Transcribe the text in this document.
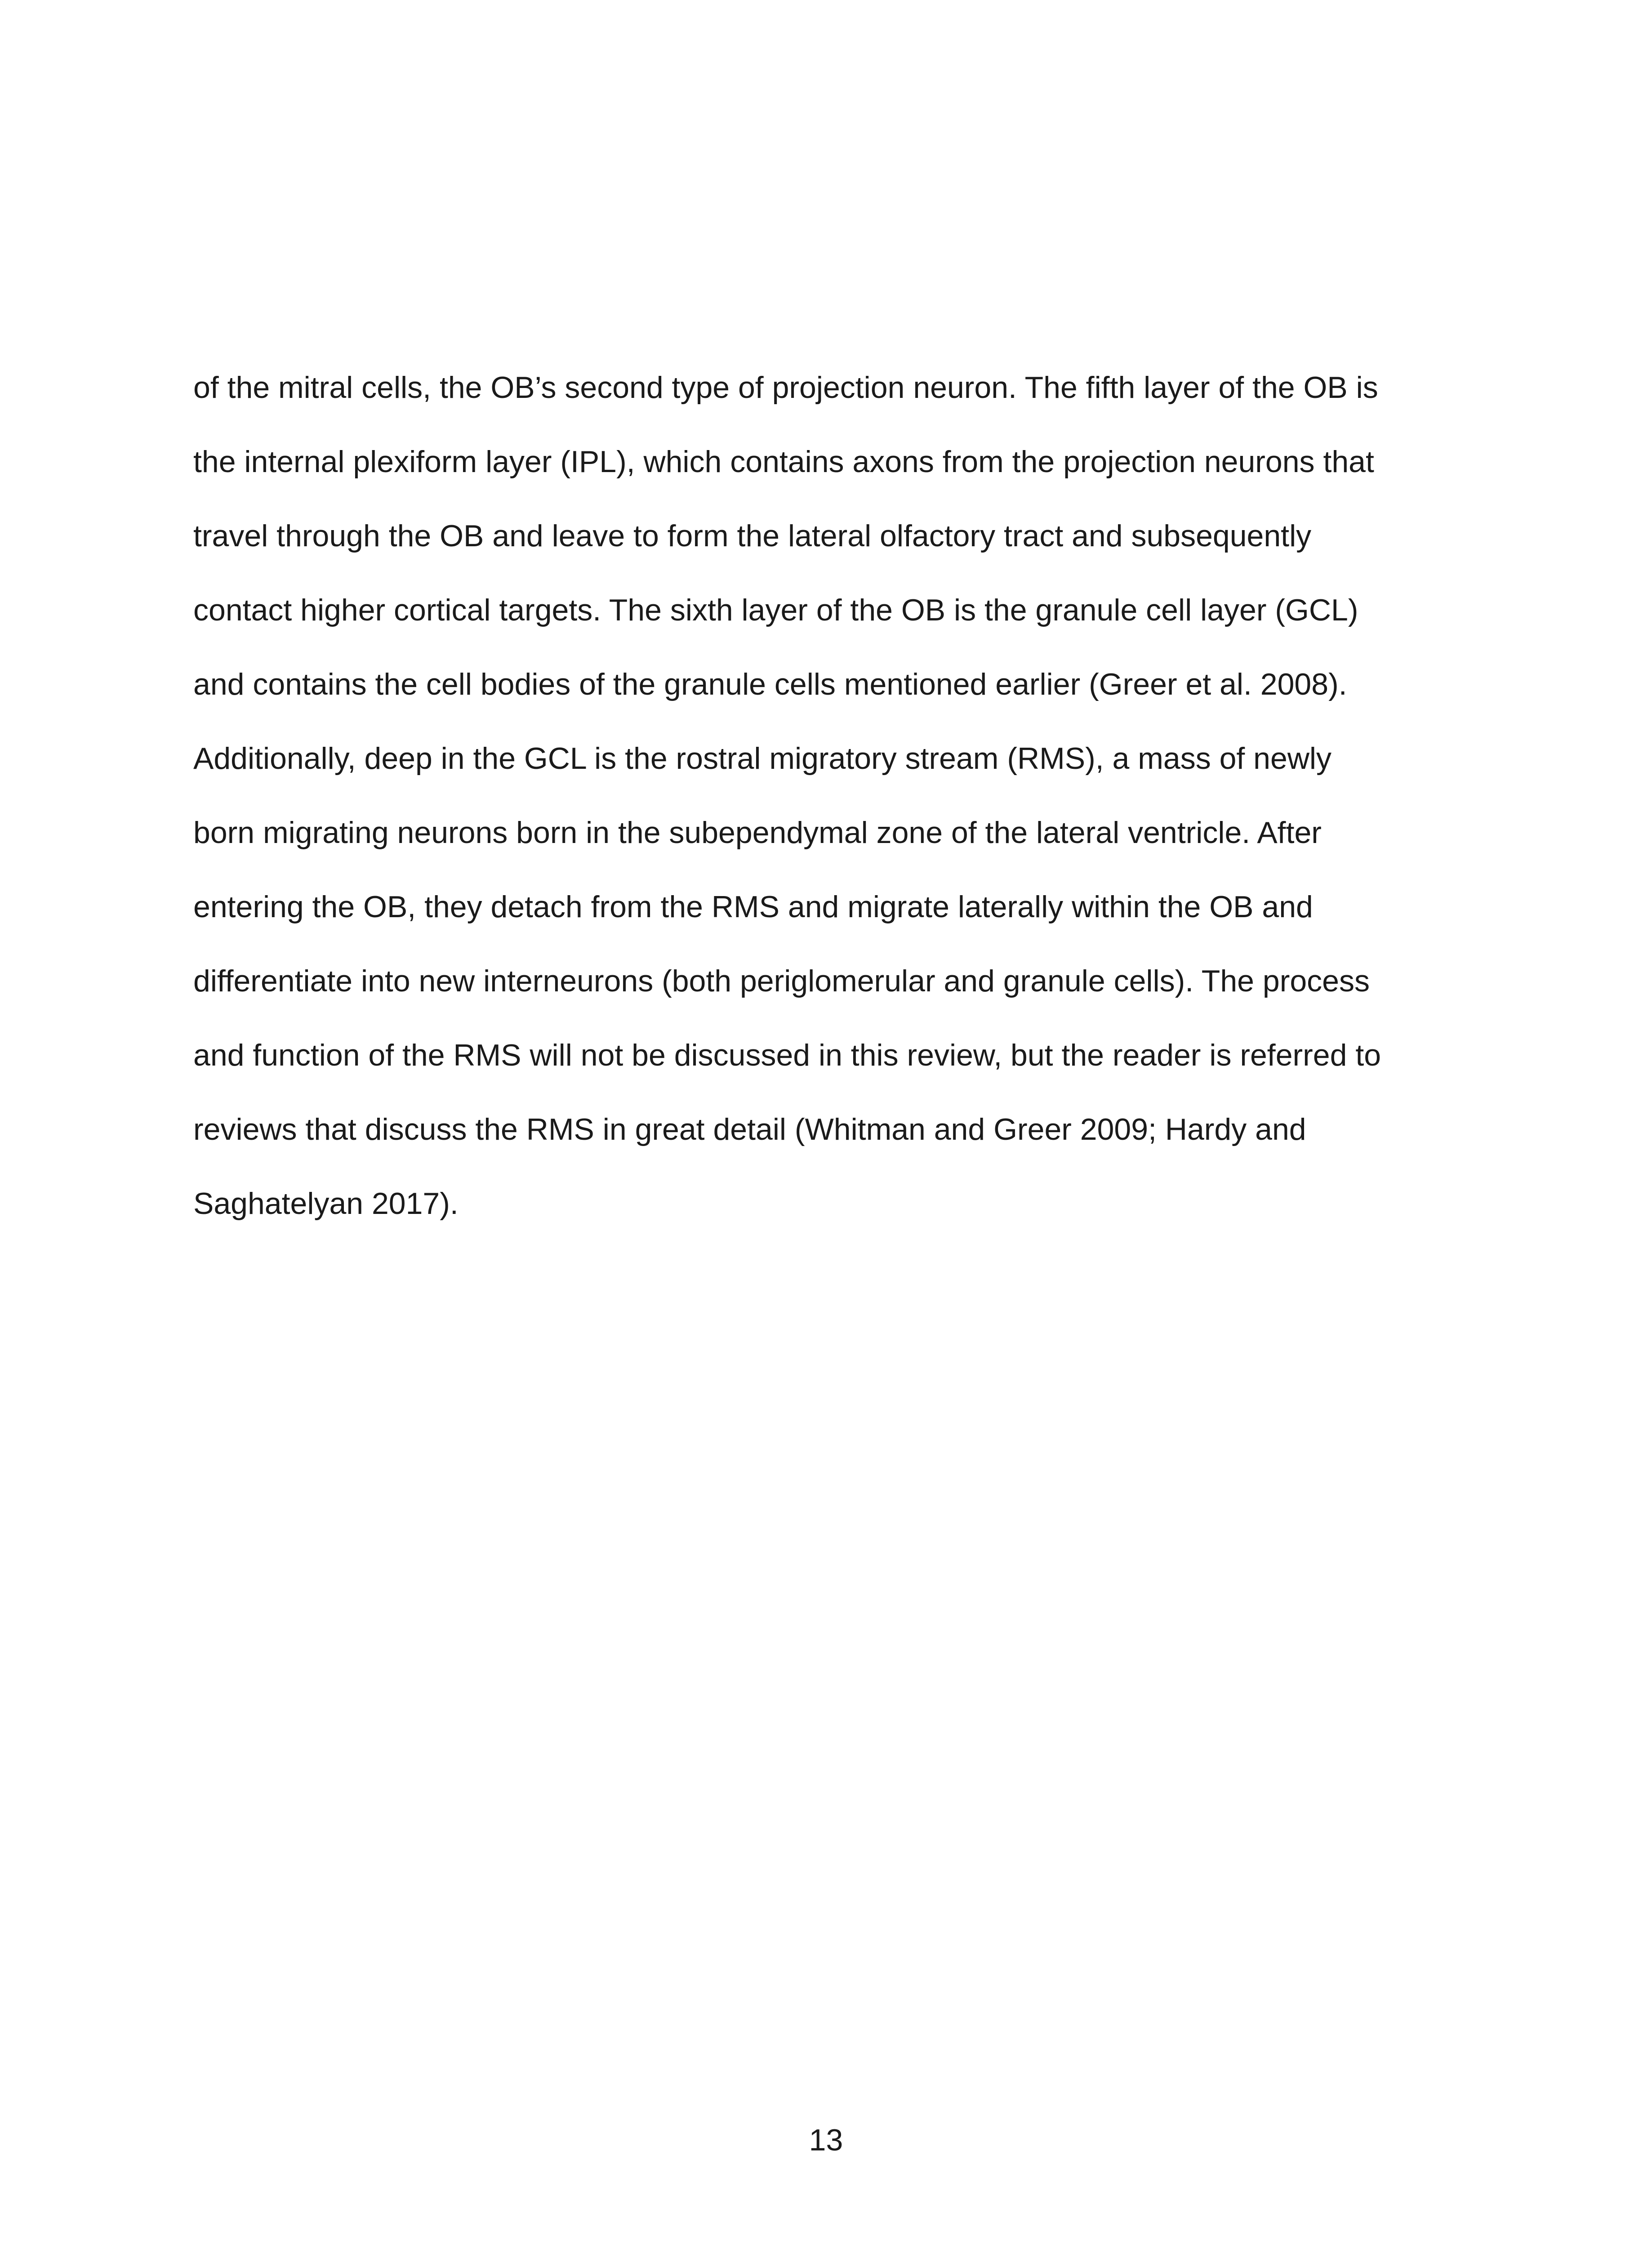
of the mitral cells, the OB’s second type of projection neuron. The fifth layer of the OB is
the internal plexiform layer (IPL), which contains axons from the projection neurons that
travel through the OB and leave to form the lateral olfactory tract and subsequently
contact higher cortical targets. The sixth layer of the OB is the granule cell layer (GCL)
and contains the cell bodies of the granule cells mentioned earlier (Greer et al. 2008).
Additionally, deep in the GCL is the rostral migratory stream (RMS), a mass of newly
born migrating neurons born in the subependymal zone of the lateral ventricle. After
entering the OB, they detach from the RMS and migrate laterally within the OB and
differentiate into new interneurons (both periglomerular and granule cells). The process
and function of the RMS will not be discussed in this review, but the reader is referred to
reviews that discuss the RMS in great detail (Whitman and Greer 2009; Hardy and
Saghatelyan 2017).

13
